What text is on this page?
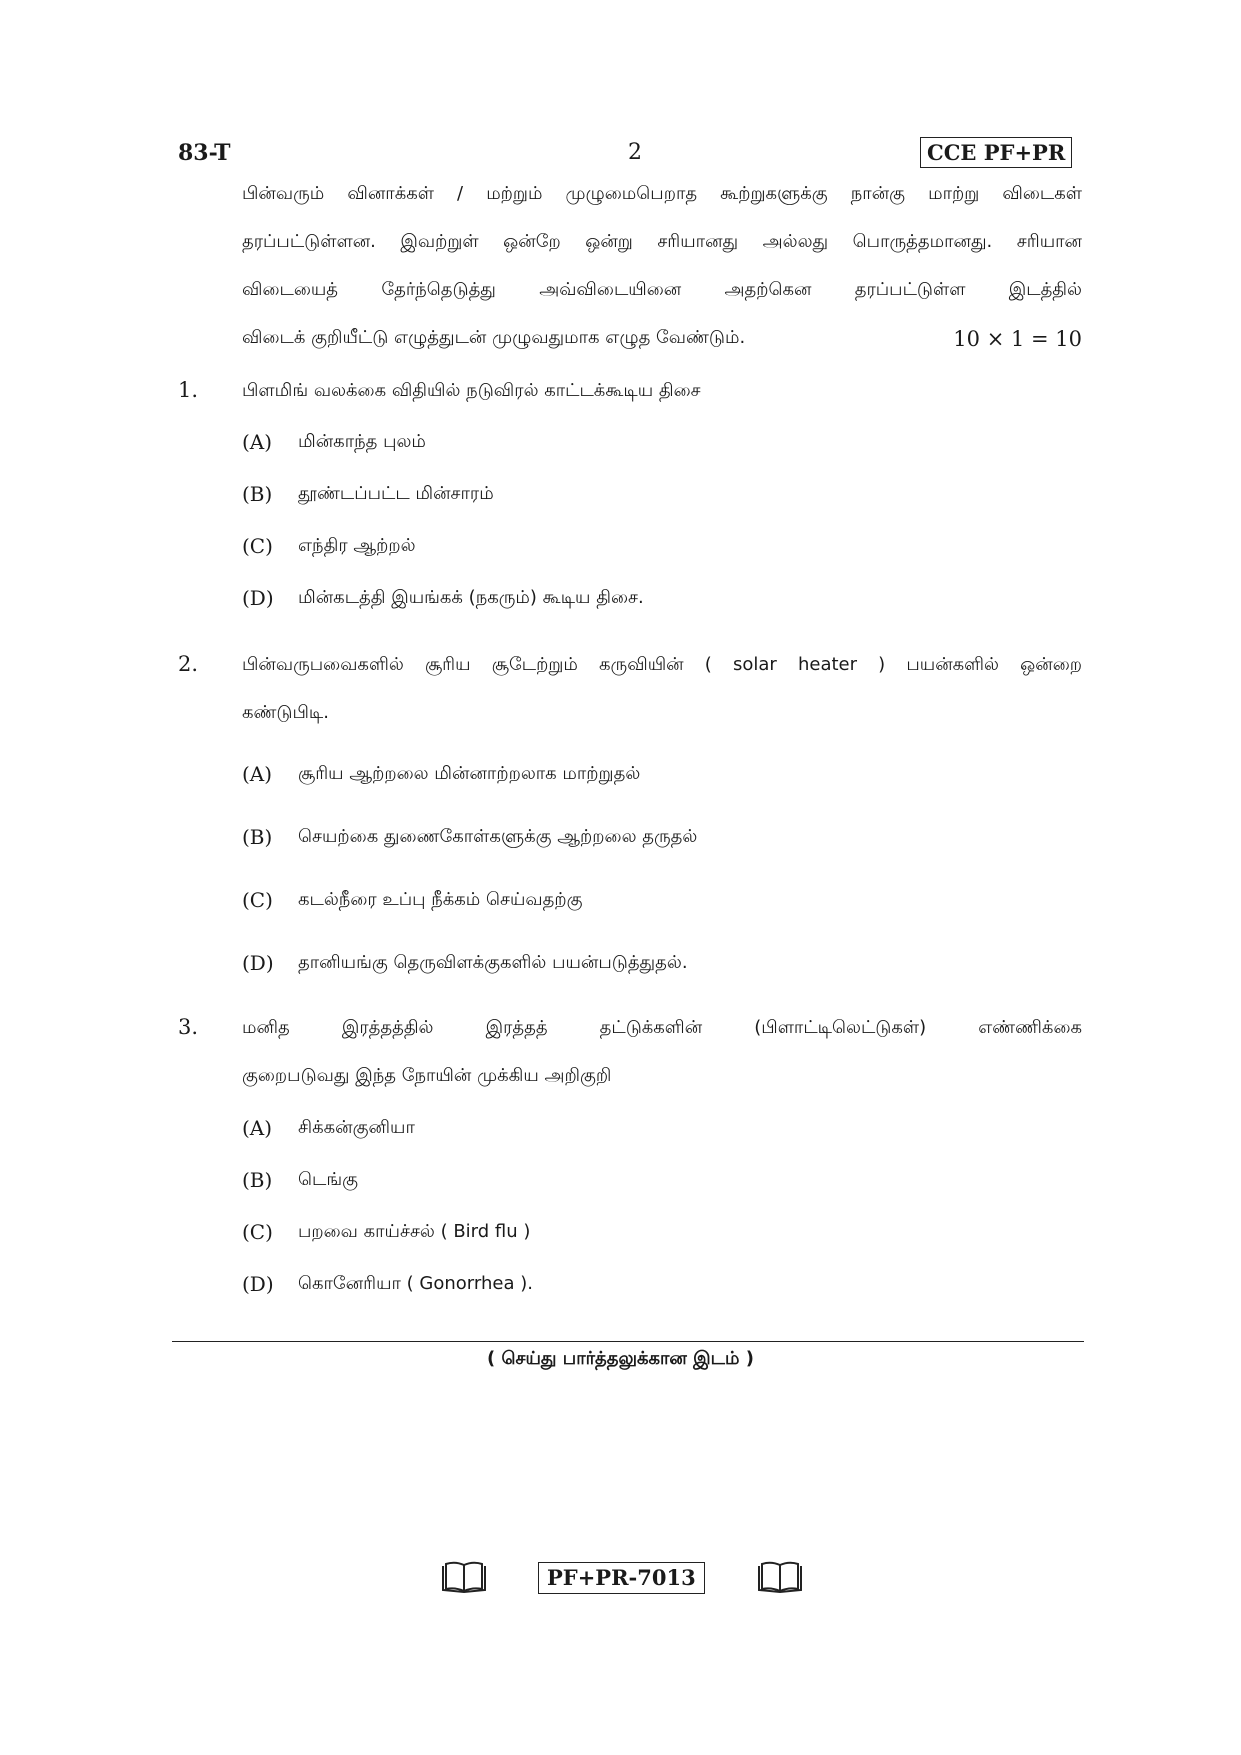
83-T	2	CCE PF+PR
பின்வரும் வினாக்கள் / மற்றும் முழுமைபெறாத கூற்றுகளுக்கு நான்கு மாற்று விடைகள்
தரப்பட்டுள்ளன. இவற்றுள் ஒன்றே ஒன்று சரியானது அல்லது பொருத்தமானது. சரியான
விடையைத் தேர்ந்தெடுத்து அவ்விடையினை அதற்கென தரப்பட்டுள்ள இடத்தில்
விடைக் குறியீட்டு எழுத்துடன் முழுவதுமாக எழுத வேண்டும்.	10 × 1 = 10
1. பிளமிங் வலக்கை விதியில் நடுவிரல் காட்டக்கூடிய திசை
(A) மின்காந்த புலம்
(B) தூண்டப்பட்ட மின்சாரம்
(C) எந்திர ஆற்றல்
(D) மின்கடத்தி இயங்கக் (நகரும்) கூடிய திசை.
2. பின்வருபவைகளில் சூரிய சூடேற்றும் கருவியின் ( solar heater ) பயன்களில் ஒன்றை
கண்டுபிடி.
(A) சூரிய ஆற்றலை மின்னாற்றலாக மாற்றுதல்
(B) செயற்கை துணைகோள்களுக்கு ஆற்றலை தருதல்
(C) கடல்நீரை உப்பு நீக்கம் செய்வதற்கு
(D) தானியங்கு தெருவிளக்குகளில் பயன்படுத்துதல்.
3. மனித இரத்தத்தில் இரத்தத் தட்டுக்களின் (பிளாட்டிலெட்டுகள்) எண்ணிக்கை
குறைபடுவது இந்த நோயின் முக்கிய அறிகுறி
(A) சிக்கன்குனியா
(B) டெங்கு
(C) பறவை காய்ச்சல் ( Bird flu )
(D) கொனேரியா ( Gonorrhea ).
( செய்து பார்த்தலுக்கான இடம் )
PF+PR-7013
